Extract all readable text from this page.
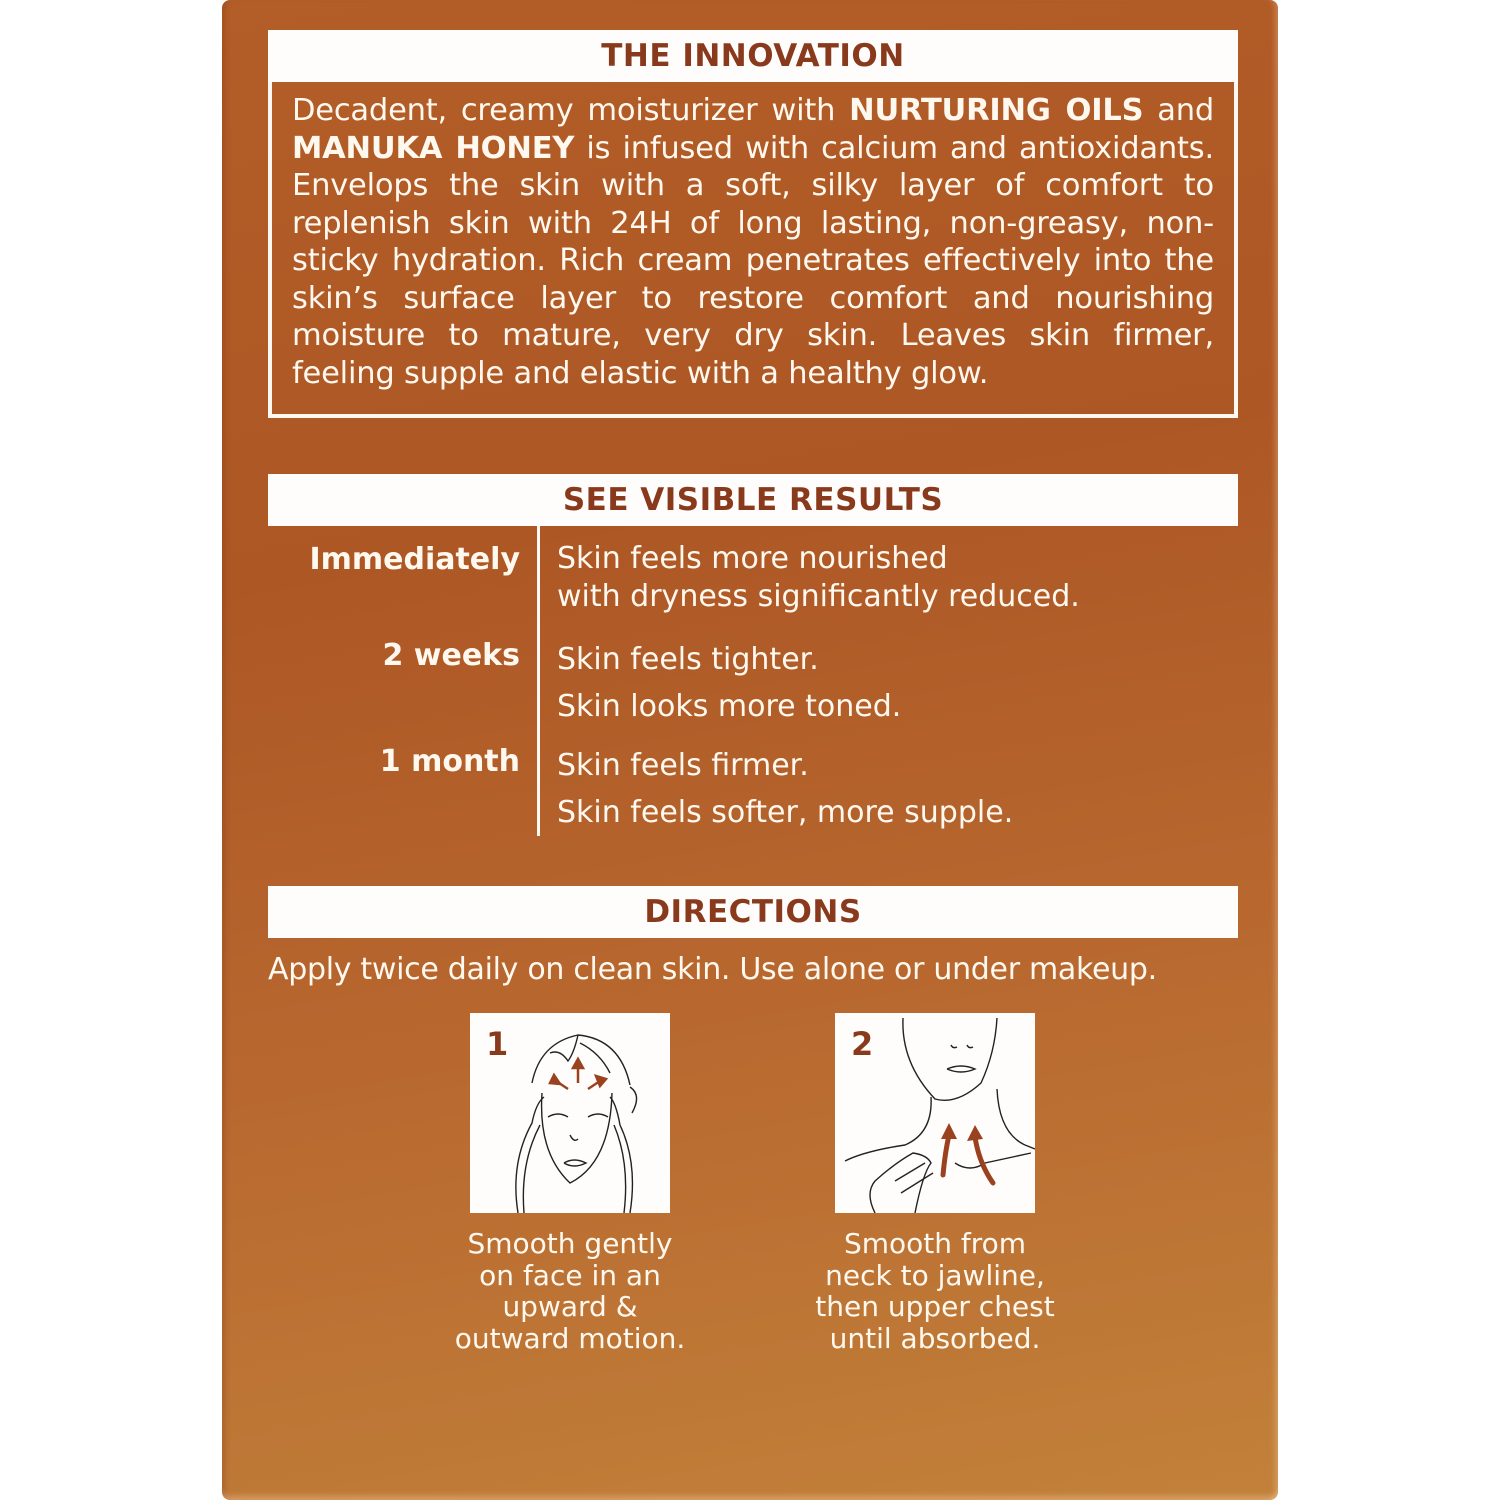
THE INNOVATION
Decadent, creamy moisturizer with NURTURING OILS and MANUKA HONEY is infused with calcium and antioxidants. Envelops the skin with a soft, silky layer of comfort to replenish skin with 24H of long lasting, non-greasy, non-sticky hydration. Rich cream penetrates effectively into the skin’s surface layer to restore comfort and nourishing moisture to mature, very dry skin. Leaves skin firmer, feeling supple and elastic with a healthy glow.
SEE VISIBLE RESULTS
Immediately Skin feels more nourished
with dryness significantly reduced.
2 weeks Skin feels tighter.
Skin looks more toned.
1 month Skin feels firmer.
Skin feels softer, more supple.
DIRECTIONS
Apply twice daily on clean skin. Use alone or under makeup.
1	2
Smooth gently
on face in an
upward &
outward motion.
Smooth from
neck to jawline,
then upper chest
until absorbed.
